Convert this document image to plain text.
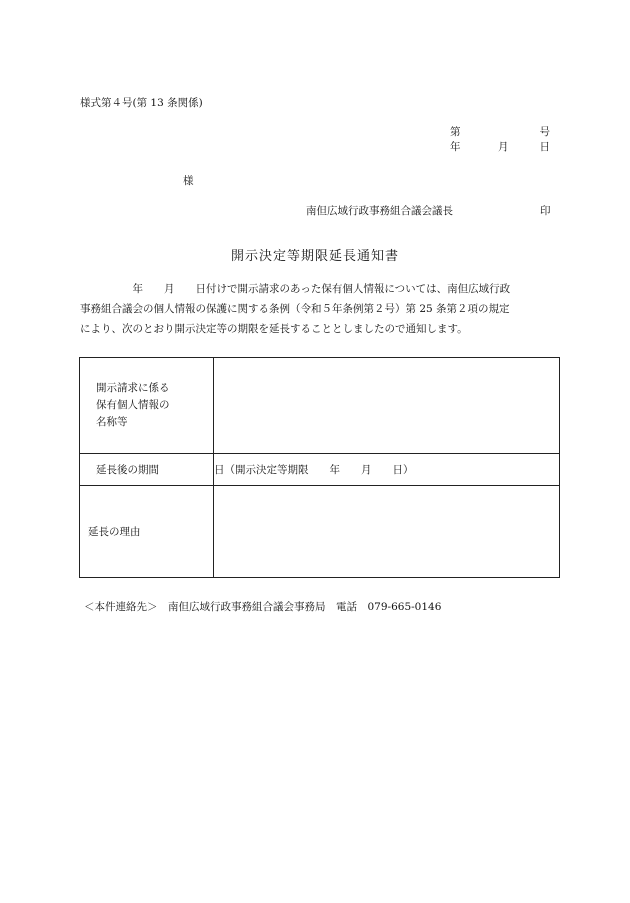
様式第４号(第 13 条関係)
第	号
年	月	日
様
南但広域行政事務組合議会議長	印
開示決定等期限延長通知書
　　　　　年　　月　　日付けで開示請求のあった保有個人情報については、南但広域行政
事務組合議会の個人情報の保護に関する条例（令和５年条例第２号）第 25 条第２項の規定
により、次のとおり開示決定等の期限を延長することとしましたので通知します。
開示請求に係る
保有個人情報の
名称等	

延長後の期間	日（開示決定等期限　　年　　月　　日）
延長の理由	
＜本件連絡先＞　南但広域行政事務組合議会事務局　電話　079-665-0146
